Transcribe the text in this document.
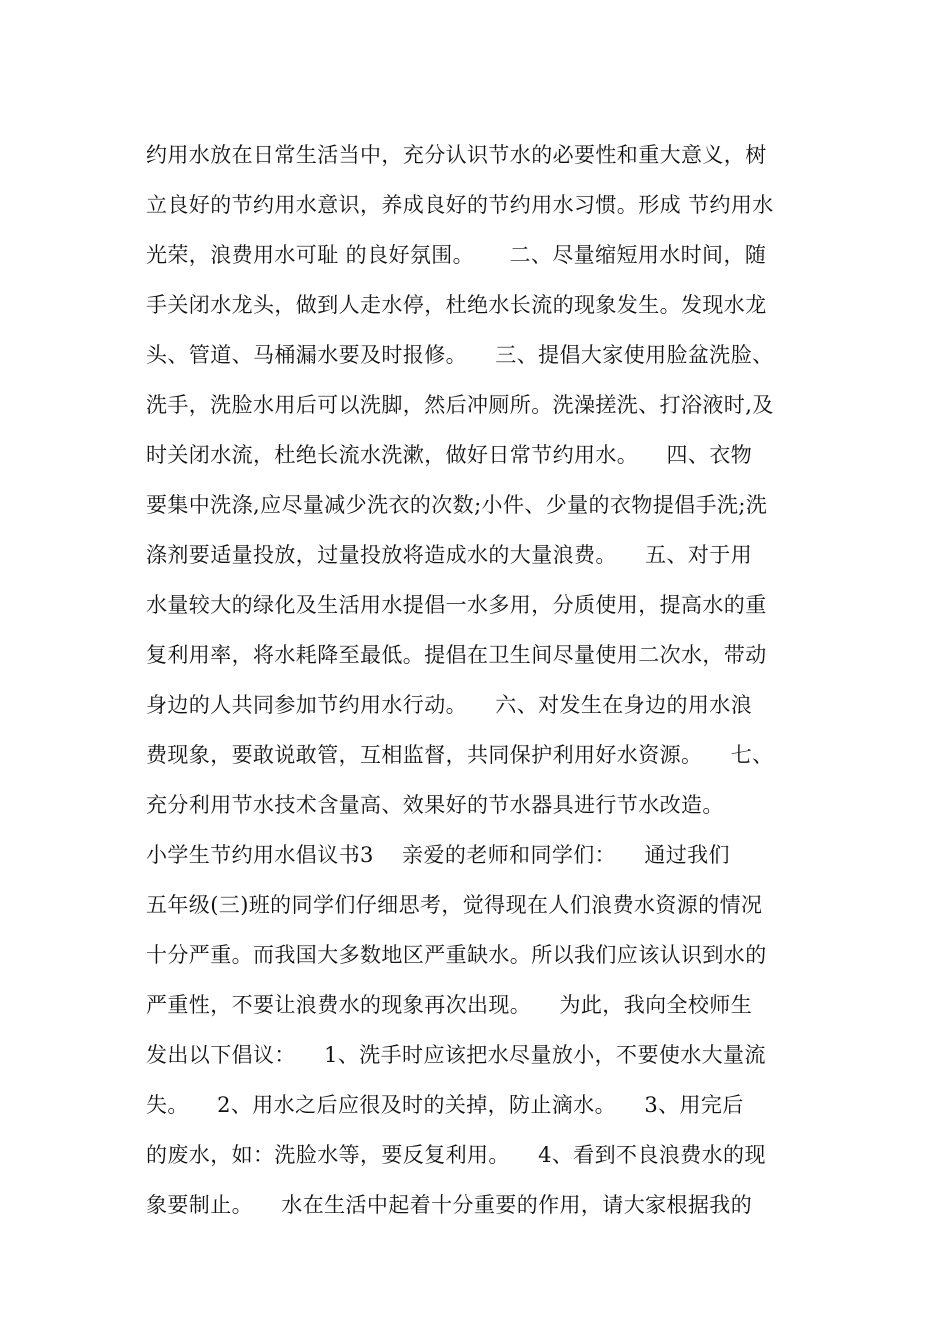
约用水放在日常生活当中，充分认识节水的必要性和重大意义，树
立良好的节约用水意识，养成良好的节约用水习惯。形成 节约用水
光荣，浪费用水可耻 的良好氛围。     二、尽量缩短用水时间，随
手关闭水龙头，做到人走水停，杜绝水长流的现象发生。发现水龙
头、管道、马桶漏水要及时报修。    三、提倡大家使用脸盆洗脸、
洗手，洗脸水用后可以洗脚，然后冲厕所。洗澡搓洗、打浴液时,及
时关闭水流，杜绝长流水洗漱，做好日常节约用水。    四、衣物
要集中洗涤,应尽量减少洗衣的次数;小件、少量的衣物提倡手洗;洗
涤剂要适量投放，过量投放将造成水的大量浪费。    五、对于用
水量较大的绿化及生活用水提倡一水多用，分质使用，提高水的重
复利用率，将水耗降至最低。提倡在卫生间尽量使用二次水，带动
身边的人共同参加节约用水行动。    六、对发生在身边的用水浪
费现象，要敢说敢管，互相监督，共同保护利用好水资源。    七、
充分利用节水技术含量高、效果好的节水器具进行节水改造。
小学生节约用水倡议书3    亲爱的老师和同学们：    通过我们
五年级(三)班的同学们仔细思考，觉得现在人们浪费水资源的情况
十分严重。而我国大多数地区严重缺水。所以我们应该认识到水的
严重性，不要让浪费水的现象再次出现。    为此，我向全校师生
发出以下倡议：    1、洗手时应该把水尽量放小，不要使水大量流
失。    2、用水之后应很及时的关掉，防止滴水。    3、用完后
的废水，如：洗脸水等，要反复利用。    4、看到不良浪费水的现
象要制止。    水在生活中起着十分重要的作用，请大家根据我的
